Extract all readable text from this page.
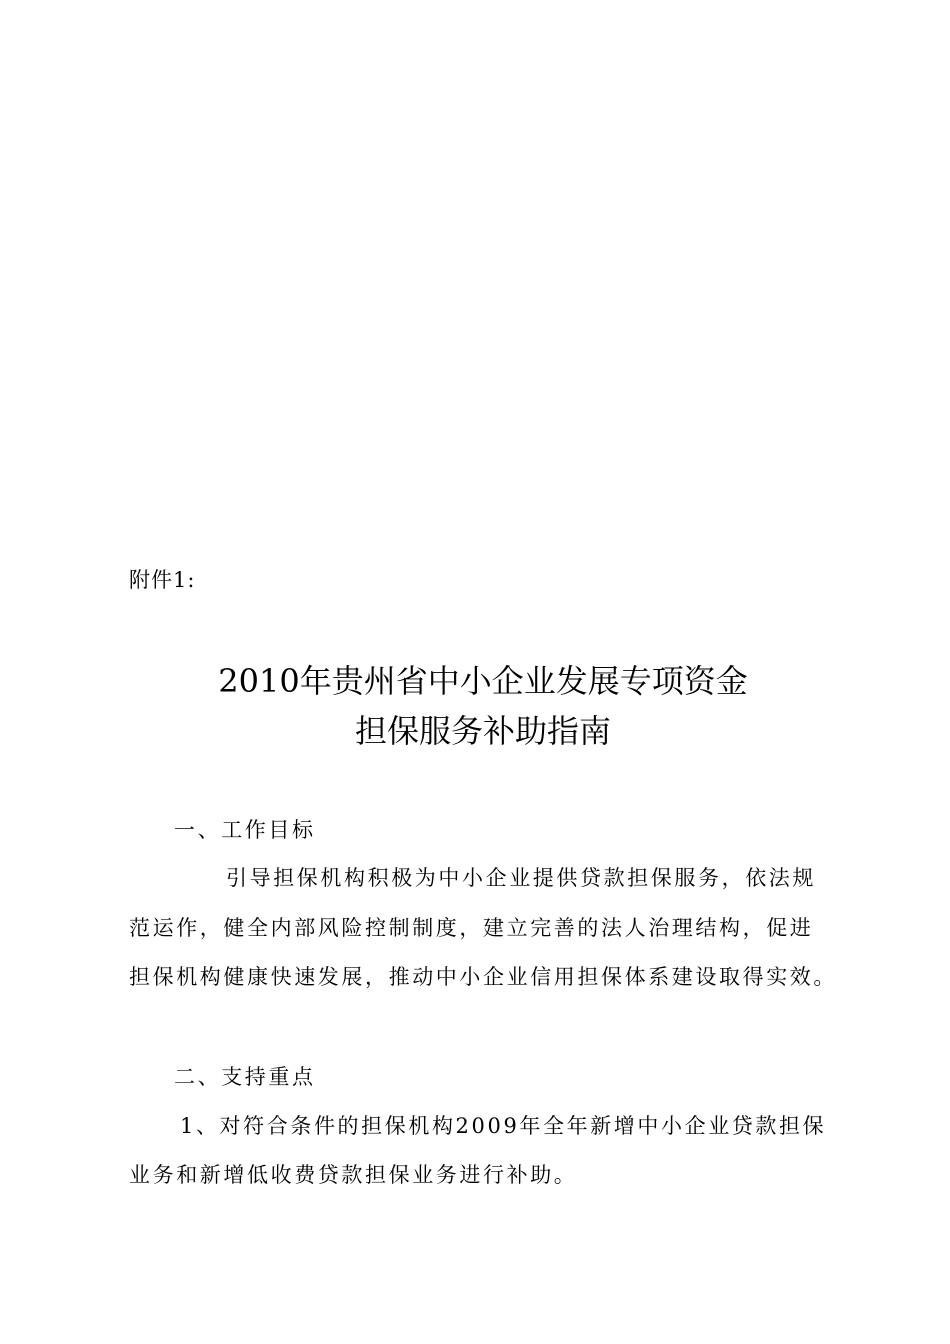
附件1:
2010年贵州省中小企业发展专项资金
担保服务补助指南
一、工作目标
引导担保机构积极为中小企业提供贷款担保服务，依法规
范运作，健全内部风险控制制度，建立完善的法人治理结构，促进
担保机构健康快速发展，推动中小企业信用担保体系建设取得实效。
二、支持重点
1、对符合条件的担保机构2009年全年新增中小企业贷款担保
业务和新增低收费贷款担保业务进行补助。
